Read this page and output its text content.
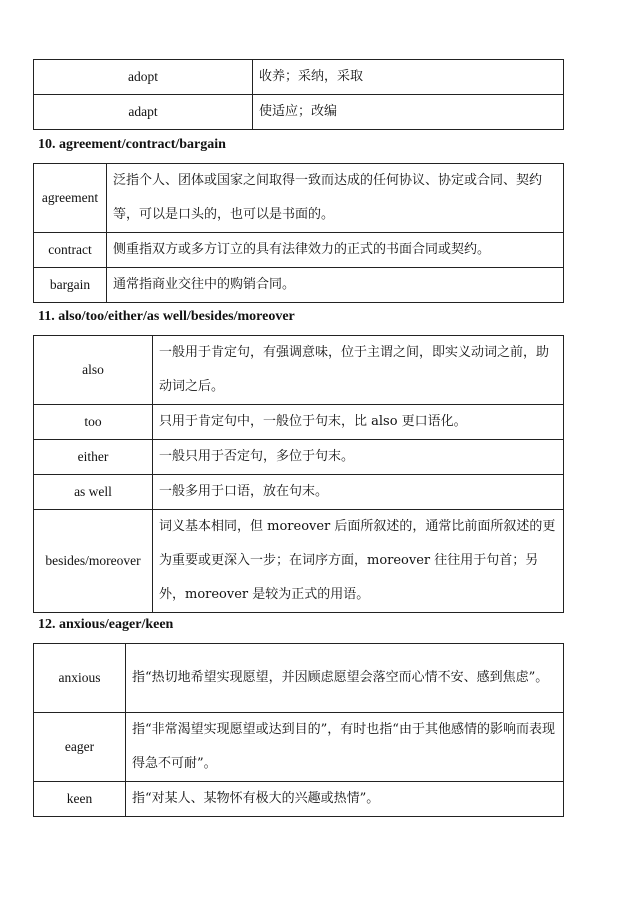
adopt	收养；采纳，采取
adapt	使适应；改编
10. agreement/contract/bargain
agreement	泛指个人、团体或国家之间取得一致而达成的任何协议、协定或合同、契约等，可以是口头的，也可以是书面的。
contract	侧重指双方或多方订立的具有法律效力的正式的书面合同或契约。
bargain	通常指商业交往中的购销合同。
11. also/too/either/as well/besides/moreover
also	一般用于肯定句，有强调意味，位于主谓之间，即实义动词之前，助动词之后。
too	只用于肯定句中，一般位于句末，比 also 更口语化。
either	一般只用于否定句，多位于句末。
as well	一般多用于口语，放在句末。
besides/moreover	词义基本相同，但 moreover 后面所叙述的，通常比前面所叙述的更为重要或更深入一步；在词序方面，moreover 往往用于句首；另外，moreover 是较为正式的用语。
12. anxious/eager/keen
anxious	指“热切地希望实现愿望，并因顾虑愿望会落空而心情不安、感到焦虑”。
eager	指“非常渴望实现愿望或达到目的”，有时也指“由于其他感情的影响而表现得急不可耐”。
keen	指“对某人、某物怀有极大的兴趣或热情”。
